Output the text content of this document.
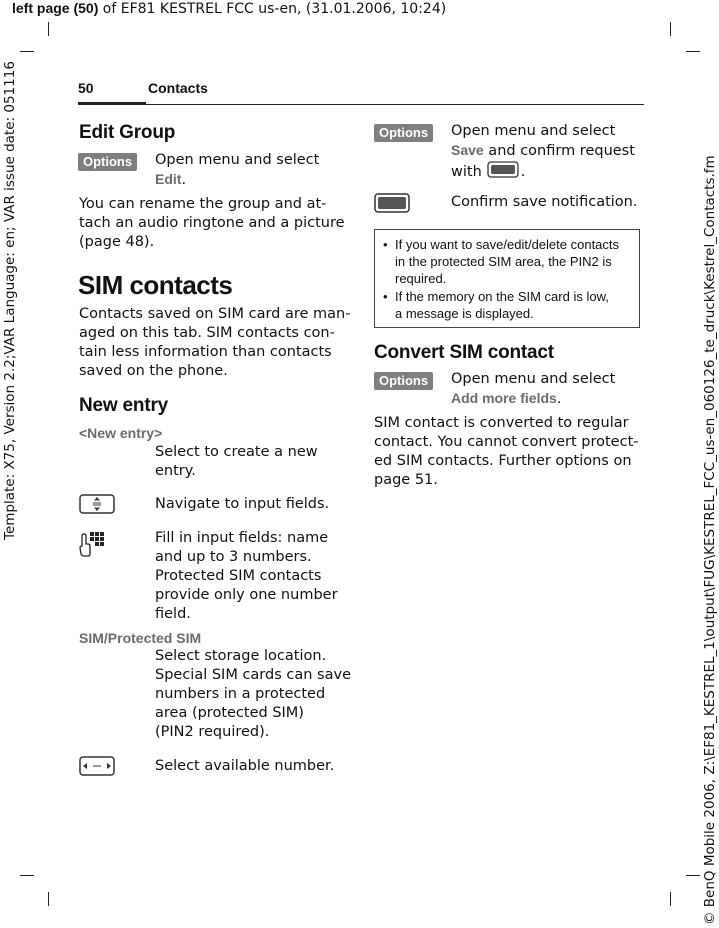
left page (50) of EF81 KESTREL FCC us-en, (31.01.2006, 10:24)
Template: X75, Version 2.2;VAR Language: en; VAR issue date: 051116	© BenQ Mobile 2006, Z:\EF81_KESTREL_1\output\FUG\KESTREL_FCC_us-en_060126_te_druck\Kestrel_Contacts.fm
50	Contacts
Edit Group
Options	Open menu and select
Edit.
You can rename the group and at-
tach an audio ringtone and a picture
(page 48).
SIM contacts
Contacts saved on SIM card are man-
aged on this tab. SIM contacts con-
tain less information than contacts
saved on the phone.
New entry
<New entry>
Select to create a new
entry.
Navigate to input fields.
Fill in input fields: name
and up to 3 numbers.
Protected SIM contacts
provide only one number
field.
SIM/Protected SIM
Select storage location.
Special SIM cards can save
numbers in a protected
area (protected SIM)
(PIN2 required).
Select available number.
Options	Open menu and select
Save and confirm request
with	.
Confirm save notification.
• If you want to save/edit/delete contacts
in the protected SIM area, the PIN2 is
required.
• If the memory on the SIM card is low,
a message is displayed.
Convert SIM contact
Options	Open menu and select
Add more fields.
SIM contact is converted to regular
contact. You cannot convert protect-
ed SIM contacts. Further options on
page 51.
